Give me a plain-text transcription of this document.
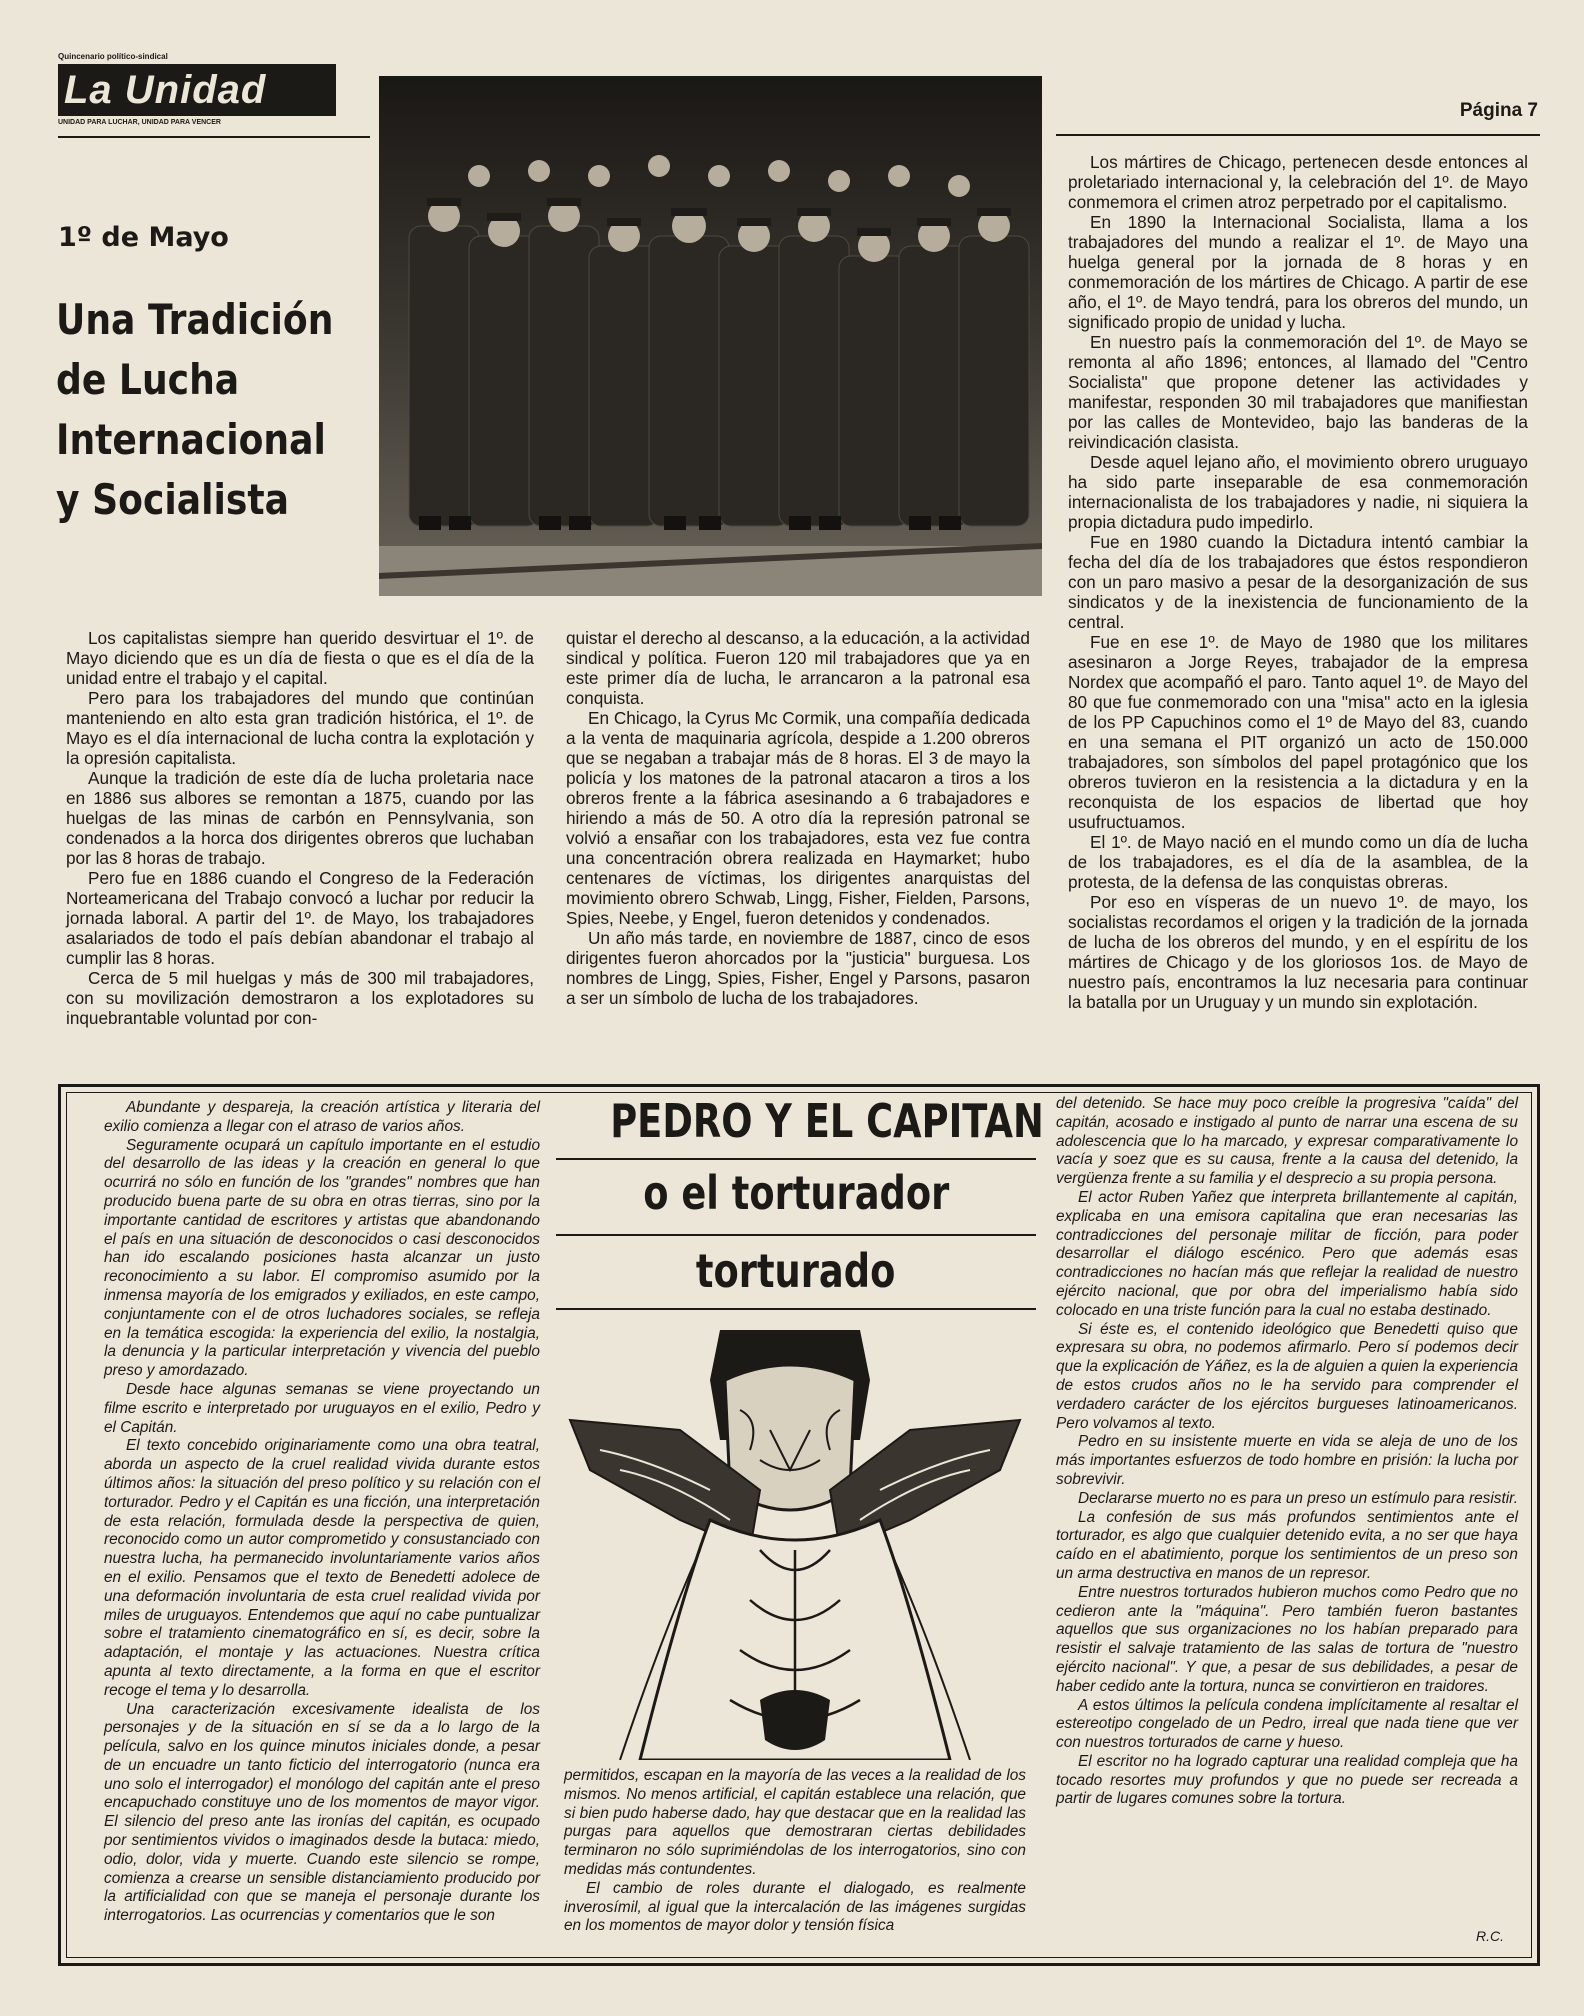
Quincenario político-sindical
La Unidad
UNIDAD PARA LUCHAR, UNIDAD PARA VENCER
Página 7
1º de Mayo
Una Tradición
de Lucha
Internacional
y Socialista

Los capitalistas siempre han querido desvirtuar el 1º. de Mayo diciendo que es un día de fiesta o que es el día de la unidad entre el trabajo y el capital.

Pero para los trabajadores del mundo que continúan manteniendo en alto esta gran tradición histórica, el 1º. de Mayo es el día internacional de lucha contra la explotación y la opresión capitalista.

Aunque la tradición de este día de lucha proletaria nace en 1886 sus albores se remontan a 1875, cuando por las huelgas de las minas de carbón en Pennsylvania, son condenados a la horca dos dirigentes obreros que luchaban por las 8 horas de trabajo.

Pero fue en 1886 cuando el Congreso de la Federación Norteamericana del Trabajo convocó a luchar por reducir la jornada laboral. A partir del 1º. de Mayo, los trabajadores asalariados de todo el país debían abandonar el trabajo al cumplir las 8 horas.

Cerca de 5 mil huelgas y más de 300 mil trabajadores, con su movilización demostraron a los explotadores su inquebrantable voluntad por con-

quistar el derecho al descanso, a la educación, a la actividad sindical y política. Fueron 120 mil trabajadores que ya en este primer día de lucha, le arrancaron a la patronal esa conquista.

En Chicago, la Cyrus Mc Cormik, una compañía dedicada a la venta de maquinaria agrícola, despide a 1.200 obreros que se negaban a trabajar más de 8 horas. El 3 de mayo la policía y los matones de la patronal atacaron a tiros a los obreros frente a la fábrica asesinando a 6 trabajadores e hiriendo a más de 50. A otro día la represión patronal se volvió a ensañar con los trabajadores, esta vez fue contra una concentración obrera realizada en Haymarket; hubo centenares de víctimas, los dirigentes anarquistas del movimiento obrero Schwab, Lingg, Fisher, Fielden, Parsons, Spies, Neebe, y Engel, fueron detenidos y condenados.

Un año más tarde, en noviembre de 1887, cinco de esos dirigentes fueron ahorcados por la "justicia" burguesa. Los nombres de Lingg, Spies, Fisher, Engel y Parsons, pasaron a ser un símbolo de lucha de los trabajadores.

Los mártires de Chicago, pertenecen desde entonces al proletariado internacional y, la celebración del 1º. de Mayo conmemora el crimen atroz perpetrado por el capitalismo.

En 1890 la Internacional Socialista, llama a los trabajadores del mundo a realizar el 1º. de Mayo una huelga general por la jornada de 8 horas y en conmemoración de los mártires de Chicago. A partir de ese año, el 1º. de Mayo tendrá, para los obreros del mundo, un significado propio de unidad y lucha.

En nuestro país la conmemoración del 1º. de Mayo se remonta al año 1896; entonces, al llamado del "Centro Socialista" que propone detener las actividades y manifestar, responden 30 mil trabajadores que manifiestan por las calles de Montevideo, bajo las banderas de la reivindicación clasista.

Desde aquel lejano año, el movimiento obrero uruguayo ha sido parte inseparable de esa conmemoración internacionalista de los trabajadores y nadie, ni siquiera la propia dictadura pudo impedirlo.

Fue en 1980 cuando la Dictadura intentó cambiar la fecha del día de los trabajadores que éstos respondieron con un paro masivo a pesar de la desorganización de sus sindicatos y de la inexistencia de funcionamiento de la central.

Fue en ese 1º. de Mayo de 1980 que los militares asesinaron a Jorge Reyes, trabajador de la empresa Nordex que acompañó el paro. Tanto aquel 1º. de Mayo del 80 que fue conmemorado con una "misa" acto en la iglesia de los PP Capuchinos como el 1º de Mayo del 83, cuando en una semana el PIT organizó un acto de 150.000 trabajadores, son símbolos del papel protagónico que los obreros tuvieron en la resistencia a la dictadura y en la reconquista de los espacios de libertad que hoy usufructuamos.

El 1º. de Mayo nació en el mundo como un día de lucha de los trabajadores, es el día de la asamblea, de la protesta, de la defensa de las conquistas obreras.

Por eso en vísperas de un nuevo 1º. de mayo, los socialistas recordamos el origen y la tradición de la jornada de lucha de los obreros del mundo, y en el espíritu de los mártires de Chicago y de los gloriosos 1os. de Mayo de nuestro país, encontramos la luz necesaria para continuar la batalla por un Uruguay y un mundo sin explotación.

PEDRO Y EL CAPITAN
o el torturador
torturado

Abundante y despareja, la creación artística y literaria del exilio comienza a llegar con el atraso de varios años.

Seguramente ocupará un capítulo importante en el estudio del desarrollo de las ideas y la creación en general lo que ocurrirá no sólo en función de los "grandes" nombres que han producido buena parte de su obra en otras tierras, sino por la importante cantidad de escritores y artistas que abandonando el país en una situación de desconocidos o casi desconocidos han ido escalando posiciones hasta alcanzar un justo reconocimiento a su labor. El compromiso asumido por la inmensa mayoría de los emigrados y exiliados, en este campo, conjuntamente con el de otros luchadores sociales, se refleja en la temática escogida: la experiencia del exilio, la nostalgia, la denuncia y la particular interpretación y vivencia del pueblo preso y amordazado.

Desde hace algunas semanas se viene proyectando un filme escrito e interpretado por uruguayos en el exilio, Pedro y el Capitán.

El texto concebido originariamente como una obra teatral, aborda un aspecto de la cruel realidad vivida durante estos últimos años: la situación del preso político y su relación con el torturador. Pedro y el Capitán es una ficción, una interpretación de esta relación, formulada desde la perspectiva de quien, reconocido como un autor comprometido y consustanciado con nuestra lucha, ha permanecido involuntariamente varios años en el exilio. Pensamos que el texto de Benedetti adolece de una deformación involuntaria de esta cruel realidad vivida por miles de uruguayos. Entendemos que aquí no cabe puntualizar sobre el tratamiento cinematográfico en sí, es decir, sobre la adaptación, el montaje y las actuaciones. Nuestra crítica apunta al texto directamente, a la forma en que el escritor recoge el tema y lo desarrolla.

Una caracterización excesivamente idealista de los personajes y de la situación en sí se da a lo largo de la película, salvo en los quince minutos iniciales donde, a pesar de un encuadre un tanto ficticio del interrogatorio (nunca era uno solo el interrogador) el monólogo del capitán ante el preso encapuchado constituye uno de los momentos de mayor vigor. El silencio del preso ante las ironías del capitán, es ocupado por sentimientos vividos o imaginados desde la butaca: miedo, odio, dolor, vida y muerte. Cuando este silencio se rompe, comienza a crearse un sensible distanciamiento producido por la artificialidad con que se maneja el personaje durante los interrogatorios. Las ocurrencias y comentarios que le son

permitidos, escapan en la mayoría de las veces a la realidad de los mismos. No menos artificial, el capitán establece una relación, que si bien pudo haberse dado, hay que destacar que en la realidad las purgas para aquellos que demostraran ciertas debilidades terminaron no sólo suprimiéndolas de los interrogatorios, sino con medidas más contundentes.

El cambio de roles durante el dialogado, es realmente inverosímil, al igual que la intercalación de las imágenes surgidas en los momentos de mayor dolor y tensión física

del detenido. Se hace muy poco creíble la progresiva "caída" del capitán, acosado e instigado al punto de narrar una escena de su adolescencia que lo ha marcado, y expresar comparativamente lo vacía y soez que es su causa, frente a la causa del detenido, la vergüenza frente a su familia y el desprecio a su propia persona.

El actor Ruben Yañez que interpreta brillantemente al capitán, explicaba en una emisora capitalina que eran necesarias las contradicciones del personaje militar de ficción, para poder desarrollar el diálogo escénico. Pero que además esas contradicciones no hacían más que reflejar la realidad de nuestro ejército nacional, que por obra del imperialismo había sido colocado en una triste función para la cual no estaba destinado.

Si éste es, el contenido ideológico que Benedetti quiso que expresara su obra, no podemos afirmarlo. Pero sí podemos decir que la explicación de Yáñez, es la de alguien a quien la experiencia de estos crudos años no le ha servido para comprender el verdadero carácter de los ejércitos burgueses latinoamericanos. Pero volvamos al texto.

Pedro en su insistente muerte en vida se aleja de uno de los más importantes esfuerzos de todo hombre en prisión: la lucha por sobrevivir.

Declararse muerto no es para un preso un estímulo para resistir.

La confesión de sus más profundos sentimientos ante el torturador, es algo que cualquier detenido evita, a no ser que haya caído en el abatimiento, porque los sentimientos de un preso son un arma destructiva en manos de un represor.

Entre nuestros torturados hubieron muchos como Pedro que no cedieron ante la "máquina". Pero también fueron bastantes aquellos que sus organizaciones no los habían preparado para resistir el salvaje tratamiento de las salas de tortura de "nuestro ejército nacional". Y que, a pesar de sus debilidades, a pesar de haber cedido ante la tortura, nunca se convirtieron en traidores.

A estos últimos la película condena implícitamente al resaltar el estereotipo congelado de un Pedro, irreal que nada tiene que ver con nuestros torturados de carne y hueso.

El escritor no ha logrado capturar una realidad compleja que ha tocado resortes muy profundos y que no puede ser recreada a partir de lugares comunes sobre la tortura.

R.C.
